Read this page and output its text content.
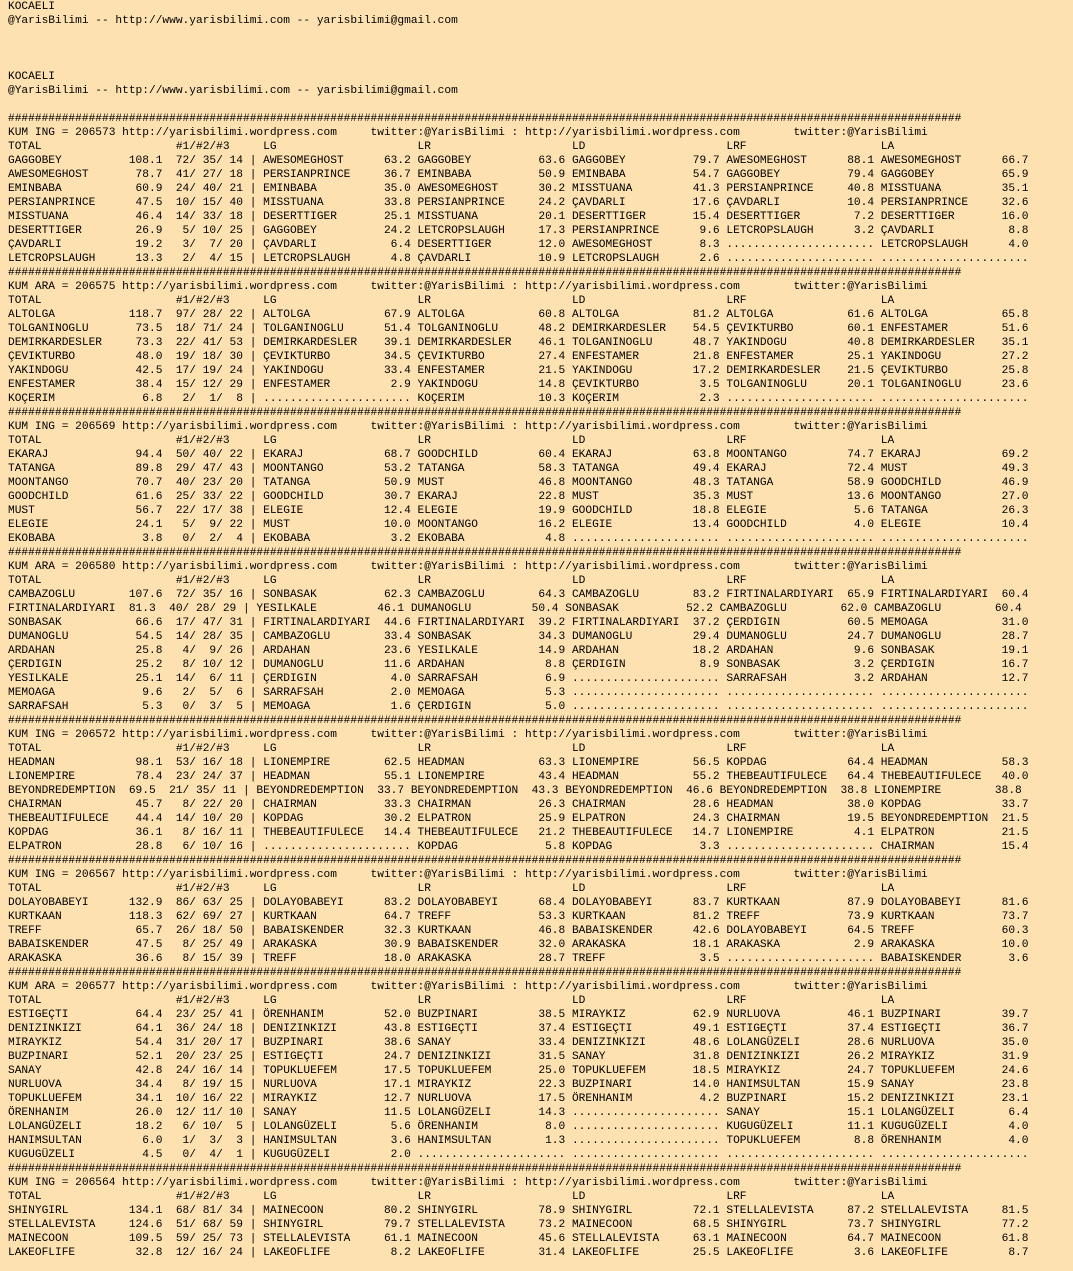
KOCAELI
@YarisBilimi -- http://www.yarisbilimi.com -- yarisbilimi@gmail.com
KOCAELI
@YarisBilimi -- http://www.yarisbilimi.com -- yarisbilimi@gmail.com
##############################################################################################################################################
KUM ING = 206573 http://yarisbilimi.wordpress.com     twitter:@YarisBilimi : http://yarisbilimi.wordpress.com        twitter:@YarisBilimi
TOTAL                    #1/#2/#3     LG                     LR                     LD                     LRF                    LA
GAGGOBEY          108.1  72/ 35/ 14 | AWESOMEGHOST      63.2 GAGGOBEY          63.6 GAGGOBEY          79.7 AWESOMEGHOST      88.1 AWESOMEGHOST      66.7
AWESOMEGHOST       78.7  41/ 27/ 18 | PERSIANPRINCE     36.7 EMINBABA          50.9 EMINBABA          54.7 GAGGOBEY          79.4 GAGGOBEY          65.9
EMINBABA           60.9  24/ 40/ 21 | EMINBABA          35.0 AWESOMEGHOST      30.2 MISSTUANA         41.3 PERSIANPRINCE     40.8 MISSTUANA         35.1
PERSIANPRINCE      47.5  10/ 15/ 40 | MISSTUANA         33.8 PERSIANPRINCE     24.2 ÇAVDARLI          17.6 ÇAVDARLI          10.4 PERSIANPRINCE     32.6
MISSTUANA          46.4  14/ 33/ 18 | DESERTTIGER       25.1 MISSTUANA         20.1 DESERTTIGER       15.4 DESERTTIGER        7.2 DESERTTIGER       16.0
DESERTTIGER        26.9   5/ 10/ 25 | GAGGOBEY          24.2 LETCROPSLAUGH     17.3 PERSIANPRINCE      9.6 LETCROPSLAUGH      3.2 ÇAVDARLI           8.8
ÇAVDARLI           19.2   3/  7/ 20 | ÇAVDARLI           6.4 DESERTTIGER       12.0 AWESOMEGHOST       8.3 ...................... LETCROPSLAUGH      4.0
LETCROPSLAUGH      13.3   2/  4/ 15 | LETCROPSLAUGH      4.8 ÇAVDARLI          10.9 LETCROPSLAUGH      2.6 ...................... ......................
##############################################################################################################################################
KUM ARA = 206575 http://yarisbilimi.wordpress.com     twitter:@YarisBilimi : http://yarisbilimi.wordpress.com        twitter:@YarisBilimi
TOTAL                    #1/#2/#3     LG                     LR                     LD                     LRF                    LA
ALTOLGA           118.7  97/ 28/ 22 | ALTOLGA           67.9 ALTOLGA           60.8 ALTOLGA           81.2 ALTOLGA           61.6 ALTOLGA           65.8
TOLGANINOGLU       73.5  18/ 71/ 24 | TOLGANINOGLU      51.4 TOLGANINOGLU      48.2 DEMIRKARDESLER    54.5 ÇEVIKTURBO        60.1 ENFESTAMER        51.6
DEMIRKARDESLER     73.3  22/ 41/ 53 | DEMIRKARDESLER    39.1 DEMIRKARDESLER    46.1 TOLGANINOGLU      48.7 YAKINDOGU         40.8 DEMIRKARDESLER    35.1
ÇEVIKTURBO         48.0  19/ 18/ 30 | ÇEVIKTURBO        34.5 ÇEVIKTURBO        27.4 ENFESTAMER        21.8 ENFESTAMER        25.1 YAKINDOGU         27.2
YAKINDOGU          42.5  17/ 19/ 24 | YAKINDOGU         33.4 ENFESTAMER        21.5 YAKINDOGU         17.2 DEMIRKARDESLER    21.5 ÇEVIKTURBO        25.8
ENFESTAMER         38.4  15/ 12/ 29 | ENFESTAMER         2.9 YAKINDOGU         14.8 ÇEVIKTURBO         3.5 TOLGANINOGLU      20.1 TOLGANINOGLU      23.6
KOÇERIM             6.8   2/  1/  8 | ...................... KOÇERIM           10.3 KOÇERIM            2.3 ...................... ......................
##############################################################################################################################################
KUM ING = 206569 http://yarisbilimi.wordpress.com     twitter:@YarisBilimi : http://yarisbilimi.wordpress.com        twitter:@YarisBilimi
TOTAL                    #1/#2/#3     LG                     LR                     LD                     LRF                    LA
EKARAJ             94.4  50/ 40/ 22 | EKARAJ            68.7 GOODCHILD         60.4 EKARAJ            63.8 MOONTANGO         74.7 EKARAJ            69.2
TATANGA            89.8  29/ 47/ 43 | MOONTANGO         53.2 TATANGA           58.3 TATANGA           49.4 EKARAJ            72.4 MUST              49.3
MOONTANGO          70.7  40/ 23/ 20 | TATANGA           50.9 MUST              46.8 MOONTANGO         48.3 TATANGA           58.9 GOODCHILD         46.9
GOODCHILD          61.6  25/ 33/ 22 | GOODCHILD         30.7 EKARAJ            22.8 MUST              35.3 MUST              13.6 MOONTANGO         27.0
MUST               56.7  22/ 17/ 38 | ELEGIE            12.4 ELEGIE            19.9 GOODCHILD         18.8 ELEGIE             5.6 TATANGA           26.3
ELEGIE             24.1   5/  9/ 22 | MUST              10.0 MOONTANGO         16.2 ELEGIE            13.4 GOODCHILD          4.0 ELEGIE            10.4
EKOBABA             3.8   0/  2/  4 | EKOBABA            3.2 EKOBABA            4.8 ...................... ...................... ......................
##############################################################################################################################################
KUM ARA = 206580 http://yarisbilimi.wordpress.com     twitter:@YarisBilimi : http://yarisbilimi.wordpress.com        twitter:@YarisBilimi
TOTAL                    #1/#2/#3     LG                     LR                     LD                     LRF                    LA
CAMBAZOGLU        107.6  72/ 35/ 16 | SONBASAK          62.3 CAMBAZOGLU        64.3 CAMBAZOGLU        83.2 FIRTINALARDIYARI  65.9 FIRTINALARDIYARI  60.4
FIRTINALARDIYARI  81.3  40/ 28/ 29 | YESILKALE         46.1 DUMANOGLU         50.4 SONBASAK          52.2 CAMBAZOGLU        62.0 CAMBAZOGLU        60.4
SONBASAK           66.6  17/ 47/ 31 | FIRTINALARDIYARI  44.6 FIRTINALARDIYARI  39.2 FIRTINALARDIYARI  37.2 ÇERDIGIN          60.5 MEMOAGA           31.0
DUMANOGLU          54.5  14/ 28/ 35 | CAMBAZOGLU        33.4 SONBASAK          34.3 DUMANOGLU         29.4 DUMANOGLU         24.7 DUMANOGLU         28.7
ARDAHAN            25.8   4/  9/ 26 | ARDAHAN           23.6 YESILKALE         14.9 ARDAHAN           18.2 ARDAHAN            9.6 SONBASAK          19.1
ÇERDIGIN           25.2   8/ 10/ 12 | DUMANOGLU         11.6 ARDAHAN            8.8 ÇERDIGIN           8.9 SONBASAK           3.2 ÇERDIGIN          16.7
YESILKALE          25.1  14/  6/ 11 | ÇERDIGIN           4.0 SARRAFSAH          6.9 ...................... SARRAFSAH          3.2 ARDAHAN           12.7
MEMOAGA             9.6   2/  5/  6 | SARRAFSAH          2.0 MEMOAGA            5.3 ...................... ...................... ......................
SARRAFSAH           5.3   0/  3/  5 | MEMOAGA            1.6 ÇERDIGIN           5.0 ...................... ...................... ......................
##############################################################################################################################################
KUM ING = 206572 http://yarisbilimi.wordpress.com     twitter:@YarisBilimi : http://yarisbilimi.wordpress.com        twitter:@YarisBilimi
TOTAL                    #1/#2/#3     LG                     LR                     LD                     LRF                    LA
HEADMAN            98.1  53/ 16/ 18 | LIONEMPIRE        62.5 HEADMAN           63.3 LIONEMPIRE        56.5 KOPDAG            64.4 HEADMAN           58.3
LIONEMPIRE         78.4  23/ 24/ 37 | HEADMAN           55.1 LIONEMPIRE        43.4 HEADMAN           55.2 THEBEAUTIFULECE   64.4 THEBEAUTIFULECE   40.0
BEYONDREDEMPTION  69.5  21/ 35/ 11 | BEYONDREDEMPTION  33.7 BEYONDREDEMPTION  43.3 BEYONDREDEMPTION  46.6 BEYONDREDEMPTION  38.8 LIONEMPIRE        38.8
CHAIRMAN           45.7   8/ 22/ 20 | CHAIRMAN          33.3 CHAIRMAN          26.3 CHAIRMAN          28.6 HEADMAN           38.0 KOPDAG            33.7
THEBEAUTIFULECE    44.4  14/ 10/ 20 | KOPDAG            30.2 ELPATRON          25.9 ELPATRON          24.3 CHAIRMAN          19.5 BEYONDREDEMPTION  21.5
KOPDAG             36.1   8/ 16/ 11 | THEBEAUTIFULECE   14.4 THEBEAUTIFULECE   21.2 THEBEAUTIFULECE   14.7 LIONEMPIRE         4.1 ELPATRON          21.5
ELPATRON           28.8   6/ 10/ 16 | ...................... KOPDAG             5.8 KOPDAG             3.3 ...................... CHAIRMAN          15.4
##############################################################################################################################################
KUM ING = 206567 http://yarisbilimi.wordpress.com     twitter:@YarisBilimi : http://yarisbilimi.wordpress.com        twitter:@YarisBilimi
TOTAL                    #1/#2/#3     LG                     LR                     LD                     LRF                    LA
DOLAYOBABEYI      132.9  86/ 63/ 25 | DOLAYOBABEYI      83.2 DOLAYOBABEYI      68.4 DOLAYOBABEYI      83.7 KURTKAAN          87.9 DOLAYOBABEYI      81.6
KURTKAAN          118.3  62/ 69/ 27 | KURTKAAN          64.7 TREFF             53.3 KURTKAAN          81.2 TREFF             73.9 KURTKAAN          73.7
TREFF              65.7  26/ 18/ 50 | BABAISKENDER      32.3 KURTKAAN          46.8 BABAISKENDER      42.6 DOLAYOBABEYI      64.5 TREFF             60.3
BABAISKENDER       47.5   8/ 25/ 49 | ARAKASKA          30.9 BABAISKENDER      32.0 ARAKASKA          18.1 ARAKASKA           2.9 ARAKASKA          10.0
ARAKASKA           36.6   8/ 15/ 39 | TREFF             18.0 ARAKASKA          28.7 TREFF              3.5 ...................... BABAISKENDER       3.6
##############################################################################################################################################
KUM ARA = 206577 http://yarisbilimi.wordpress.com     twitter:@YarisBilimi : http://yarisbilimi.wordpress.com        twitter:@YarisBilimi
TOTAL                    #1/#2/#3     LG                     LR                     LD                     LRF                    LA
ESTIGEÇTI          64.4  23/ 25/ 41 | ÖRENHANIM         52.0 BUZPINARI         38.5 MIRAYKIZ          62.9 NURLUOVA          46.1 BUZPINARI         39.7
DENIZINKIZI        64.1  36/ 24/ 18 | DENIZINKIZI       43.8 ESTIGEÇTI         37.4 ESTIGEÇTI         49.1 ESTIGEÇTI         37.4 ESTIGEÇTI         36.7
MIRAYKIZ           54.4  31/ 20/ 17 | BUZPINARI         38.6 SANAY             33.4 DENIZINKIZI       48.6 LOLANGÜZELI       28.6 NURLUOVA          35.0
BUZPINARI          52.1  20/ 23/ 25 | ESTIGEÇTI         24.7 DENIZINKIZI       31.5 SANAY             31.8 DENIZINKIZI       26.2 MIRAYKIZ          31.9
SANAY              42.8  24/ 16/ 14 | TOPUKLUEFEM       17.5 TOPUKLUEFEM       25.0 TOPUKLUEFEM       18.5 MIRAYKIZ          24.7 TOPUKLUEFEM       24.6
NURLUOVA           34.4   8/ 19/ 15 | NURLUOVA          17.1 MIRAYKIZ          22.3 BUZPINARI         14.0 HANIMSULTAN       15.9 SANAY             23.8
TOPUKLUEFEM        34.1  10/ 16/ 22 | MIRAYKIZ          12.7 NURLUOVA          17.5 ÖRENHANIM          4.2 BUZPINARI         15.2 DENIZINKIZI       23.1
ÖRENHANIM          26.0  12/ 11/ 10 | SANAY             11.5 LOLANGÜZELI       14.3 ...................... SANAY             15.1 LOLANGÜZELI        6.4
LOLANGÜZELI        18.2   6/ 10/  5 | LOLANGÜZELI        5.6 ÖRENHANIM          8.0 ...................... KUGUGÜZELI        11.1 KUGUGÜZELI         4.0
HANIMSULTAN         6.0   1/  3/  3 | HANIMSULTAN        3.6 HANIMSULTAN        1.3 ...................... TOPUKLUEFEM        8.8 ÖRENHANIM          4.0
KUGUGÜZELI          4.5   0/  4/  1 | KUGUGÜZELI         2.0 ...................... ...................... ...................... ......................
##############################################################################################################################################
KUM ING = 206564 http://yarisbilimi.wordpress.com     twitter:@YarisBilimi : http://yarisbilimi.wordpress.com        twitter:@YarisBilimi
TOTAL                    #1/#2/#3     LG                     LR                     LD                     LRF                    LA
SHINYGIRL         134.1  68/ 81/ 34 | MAINECOON         80.2 SHINYGIRL         78.9 SHINYGIRL         72.1 STELLALEVISTA     87.2 STELLALEVISTA     81.5
STELLALEVISTA     124.6  51/ 68/ 59 | SHINYGIRL         79.7 STELLALEVISTA     73.2 MAINECOON         68.5 SHINYGIRL         73.7 SHINYGIRL         77.2
MAINECOON         109.5  59/ 25/ 73 | STELLALEVISTA     61.1 MAINECOON         45.6 STELLALEVISTA     63.1 MAINECOON         64.7 MAINECOON         61.8
LAKEOFLIFE         32.8  12/ 16/ 24 | LAKEOFLIFE         8.2 LAKEOFLIFE        31.4 LAKEOFLIFE        25.5 LAKEOFLIFE         3.6 LAKEOFLIFE         8.7
